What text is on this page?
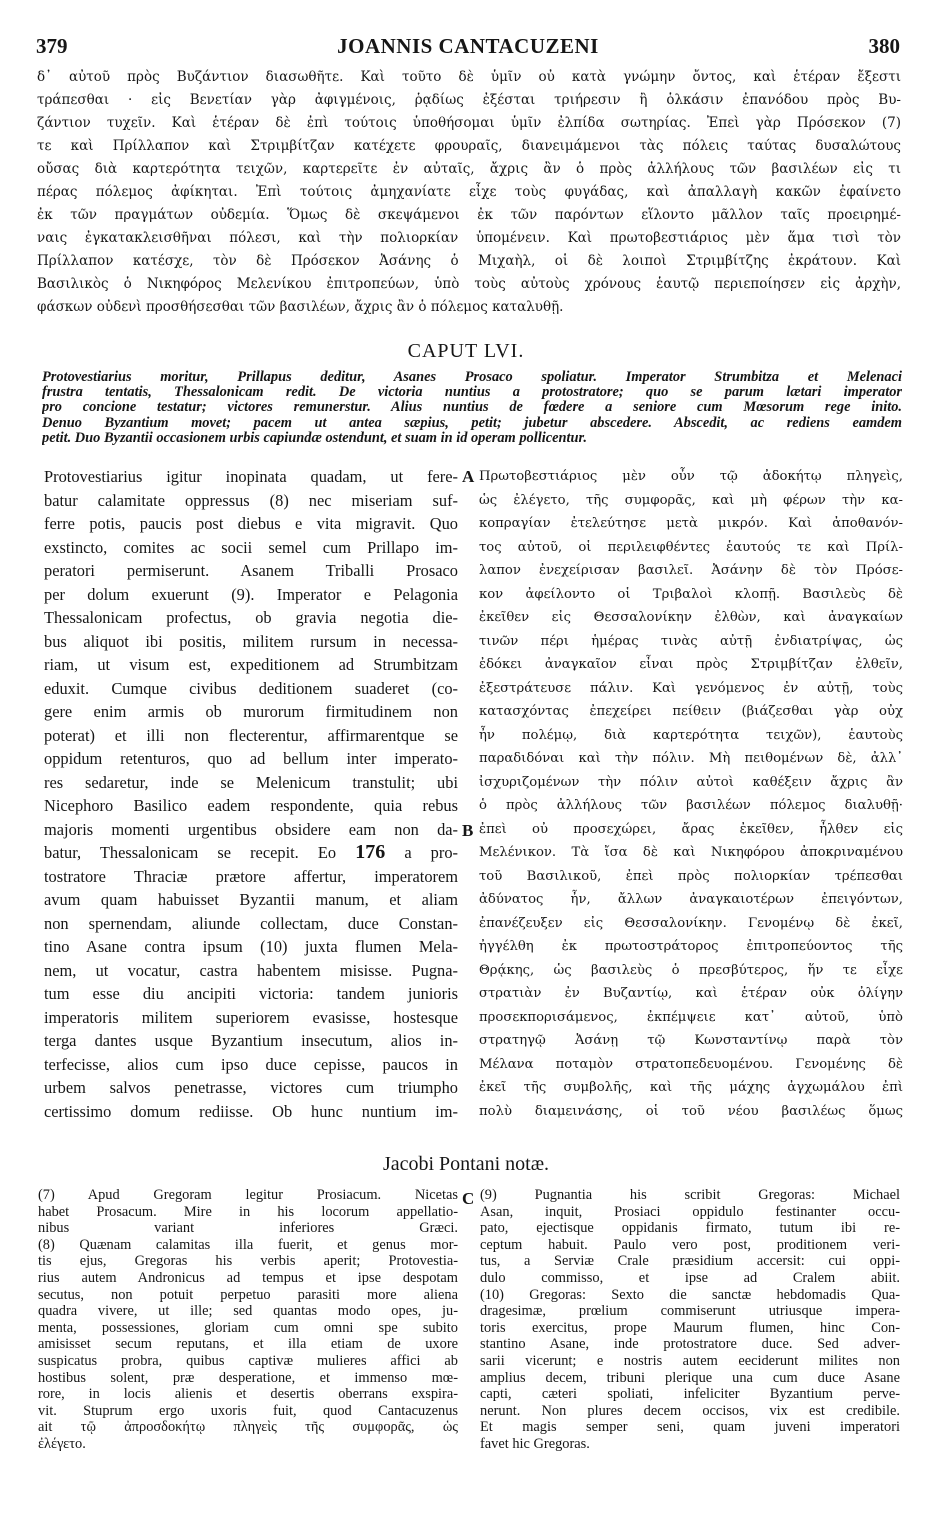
379	JOANNIS CANTACUZENI	380

δ᾽ αὐτοῦ πρὸς Βυζάντιον διασωθῆτε. Καὶ τοῦτο δὲ ὑμῖν οὐ κατὰ γνώμην ὄντος, καὶ ἑτέραν ἔξεστι

τράπεσθαι · εἰς Βενετίαν γὰρ ἀφιγμένοις, ῥᾳδίως ἐξέσται τριήρεσιν ἢ ὁλκάσιν ἐπανόδου πρὸς Βυ-

ζάντιον τυχεῖν. Καὶ ἑτέραν δὲ ἐπὶ τούτοις ὑποθήσομαι ὑμῖν ἐλπίδα σωτηρίας. Ἐπεὶ γὰρ Πρόσεκον (7)

τε καὶ Πρίλλαπον καὶ Στριμβίτζαν κατέχετε φρουραῖς, διανειμάμενοι τὰς πόλεις ταύτας δυσαλώτους

οὔσας διὰ καρτερότητα τειχῶν, καρτερεῖτε ἐν αὐταῖς, ἄχρις ἂν ὁ πρὸς ἀλλήλους τῶν βασιλέων εἰς τι

πέρας πόλεμος ἀφίκηται. Ἐπὶ τούτοις ἀμηχανίατε εἶχε τοὺς φυγάδας, καὶ ἀπαλλαγὴ κακῶν ἐφαίνετο

ἐκ τῶν πραγμάτων οὐδεμία. Ὅμως δὲ σκεψάμενοι ἐκ τῶν παρόντων εἵλοντο μᾶλλον ταῖς προειρημέ-

ναις ἐγκατακλεισθῆναι πόλεσι, καὶ τὴν πολιορκίαν ὑπομένειν. Καὶ πρωτοβεστιάριος μὲν ἅμα τισὶ τὸν

Πρίλλαπον κατέσχε, τὸν δὲ Πρόσεκον Ἀσάνης ὁ Μιχαὴλ, οἱ δὲ λοιποὶ Στριμβίτζης ἐκράτουν. Καὶ

Βασιλικὸς ὁ Νικηφόρος Μελενίκου ἐπιτροπεύων, ὑπὸ τοὺς αὐτοὺς χρόνους ἑαυτῷ περιεποίησεν εἰς ἀρχὴν,

φάσκων οὐδενὶ προσθήσεσθαι τῶν βασιλέων, ἄχρις ἂν ὁ πόλεμος καταλυθῇ.

CAPUT LVI.

Protovestiarius moritur, Prillapus deditur, Asanes Prosaco spoliatur. Imperator Strumbitza et Melenaci

frustra tentatis, Thessalonicam redit. De victoria nuntius a protostratore; quo se parum lætari imperator

pro concione testatur; victores remunerstur. Alius nuntius de fœdere a seniore cum Mœsorum rege inito.

Denuo Byzantium movet; pacem ut antea sæpius, petit; jubetur abscedere. Abscedit, ac rediens eamdem

petit. Duo Byzantii occasionem urbis capiundæ ostendunt, et suam in id operam pollicentur.

Protovestiarius igitur inopinata quadam, ut fere-

batur calamitate oppressus (8) nec miseriam suf-

ferre potis, paucis post diebus e vita migravit. Quo

exstincto, comites ac socii semel cum Prillapo im-

peratori permiserunt. Asanem Triballi Prosaco

per dolum exuerunt (9). Imperator e Pelagonia

Thessalonicam profectus, ob gravia negotia die-

bus aliquot ibi positis, militem rursum in necessa-

riam, ut visum est, expeditionem ad Strumbitzam

eduxit. Cumque civibus deditionem suaderet (co-

gere enim armis ob murorum firmitudinem non

poterat) et illi non flecterentur, affirmarentque se

oppidum retenturos, quo ad bellum inter imperato-

res sedaretur, inde se Melenicum transtulit; ubi

Nicephoro Basilico eadem respondente, quia rebus

majoris momenti urgentibus obsidere eam non da-

batur, Thessalonicam se recepit. Eo 176 a pro-

tostratore Thraciæ prætore affertur, imperatorem

avum quam habuisset Byzantii manum, et aliam

non spernendam, aliunde collectam, duce Constan-

tino Asane contra ipsum (10) juxta flumen Mela-

nem, ut vocatur, castra habentem misisse. Pugna-

tum esse diu ancipiti victoria: tandem junioris

imperatoris militem superiorem evasisse, hostesque

terga dantes usque Byzantium insecutum, alios in-

terfecisse, alios cum ipso duce cepisse, paucos in

urbem salvos penetrasse, victores cum triumpho

certissimo domum rediisse. Ob hunc nuntium im-

Πρωτοβεστιάριος μὲν οὖν τῷ ἀδοκήτῳ πληγεὶς,

ὡς ἐλέγετο, τῆς συμφορᾶς, καὶ μὴ φέρων τὴν κα-

κοπραγίαν ἐτελεύτησε μετὰ μικρόν. Καὶ ἀποθανόν-

τος αὐτοῦ, οἱ περιλειφθέντες ἑαυτούς τε καὶ Πρίλ-

λαπον ἐνεχείρισαν βασιλεῖ. Ἀσάνην δὲ τὸν Πρόσε-

κον ἀφείλοντο οἱ Τριβαλοὶ κλοπῇ. Βασιλεὺς δὲ

ἐκεῖθεν εἰς Θεσσαλονίκην ἐλθὼν, καὶ ἀναγκαίων

τινῶν πέρι ἡμέρας τινὰς αὐτῇ ἐνδιατρίψας, ὡς

ἐδόκει ἀναγκαῖον εἶναι πρὸς Στριμβίτζαν ἐλθεῖν,

ἐξεστράτευσε πάλιν. Καὶ γενόμενος ἐν αὐτῇ, τοὺς

κατασχόντας ἐπεχείρει πείθειν (βιάζεσθαι γὰρ οὐχ

ἦν πολέμῳ, διὰ καρτερότητα τειχῶν), ἑαυτοὺς

παραδιδόναι καὶ τὴν πόλιν. Μὴ πειθομένων δὲ, ἀλλ᾽

ἰσχυριζομένων τὴν πόλιν αὐτοὶ καθέξειν ἄχρις ἂν

ὁ πρὸς ἀλλήλους τῶν βασιλέων πόλεμος διαλυθῇ·

ἐπεὶ οὐ προσεχώρει, ἄρας ἐκεῖθεν, ἦλθεν εἰς

Μελένικον. Τὰ ἴσα δὲ καὶ Νικηφόρου ἀποκριναμένου

τοῦ Βασιλικοῦ, ἐπεὶ πρὸς πολιορκίαν τρέπεσθαι

ἀδύνατος ἦν, ἄλλων ἀναγκαιοτέρων ἐπειγόντων,

ἐπανέζευξεν εἰς Θεσσαλονίκην. Γενομένῳ δὲ ἐκεῖ,

ἠγγέλθη ἐκ πρωτοστράτορος ἐπιτροπεύοντος τῆς

Θρᾴκης, ὡς βασιλεὺς ὁ πρεσβύτερος, ἥν τε εἶχε

στρατιὰν ἐν Βυζαντίῳ, καὶ ἑτέραν οὐκ ὀλίγην

προσεκπορισάμενος, ἐκπέμψειε κατ᾽ αὐτοῦ, ὑπὸ

στρατηγῷ Ἀσάνῃ τῷ Κωνσταντίνῳ παρὰ τὸν

Μέλανα ποταμὸν στρατοπεδευομένου. Γενομένης δὲ

ἐκεῖ τῆς συμβολῆς, καὶ τῆς μάχης ἀγχωμάλου ἐπὶ

πολὺ διαμεινάσης, οἱ τοῦ νέου βασιλέως ὅμως

A
B
C
Jacobi Pontani notæ.

(7) Apud Gregoram legitur Prosiacum. Nicetas

habet Prosacum. Mire in his locorum appellatio-

nibus variant inferiores Græci.

(8) Quænam calamitas illa fuerit, et genus mor-

tis ejus, Gregoras his verbis aperit; Protovestia-

rius autem Andronicus ad tempus et ipse despotam

secutus, non potuit perpetuo parasiti more aliena

quadra vivere, ut ille; sed quantas modo opes, ju-

menta, possessiones, gloriam cum omni spe subito

amisisset secum reputans, et illa etiam de uxore

suspicatus probra, quibus captivæ mulieres affici ab

hostibus solent, præ desperatione, et immenso mœ-

rore, in locis alienis et desertis oberrans exspira-

vit. Stuprum ergo uxoris fuit, quod Cantacuzenus

ait τῷ ἀπροσδοκήτῳ πληγεὶς τῆς συμφορᾶς, ὡς

ἐλέγετο.

(9) Pugnantia his scribit Gregoras: Michael

Asan, inquit, Prosiaci oppidulo festinanter occu-

pato, ejectisque oppidanis firmato, tutum ibi re-

ceptum habuit. Paulo vero post, proditionem veri-

tus, a Serviæ Crale præsidium accersit: cui oppi-

dulo commisso, et ipse ad Cralem abiit.

(10) Gregoras: Sexto die sanctæ hebdomadis Qua-

dragesimæ, prœlium commiserunt utriusque impera-

toris exercitus, prope Maurum flumen, hinc Con-

stantino Asane, inde protostratore duce. Sed adver-

sarii vicerunt; e nostris autem eeciderunt milites non

amplius decem, tribuni plerique una cum duce Asane

capti, cæteri spoliati, infeliciter Byzantium perve-

nerunt. Non plures decem occisos, vix est credibile.

Et magis semper seni, quam juveni imperatori

favet hic Gregoras.
